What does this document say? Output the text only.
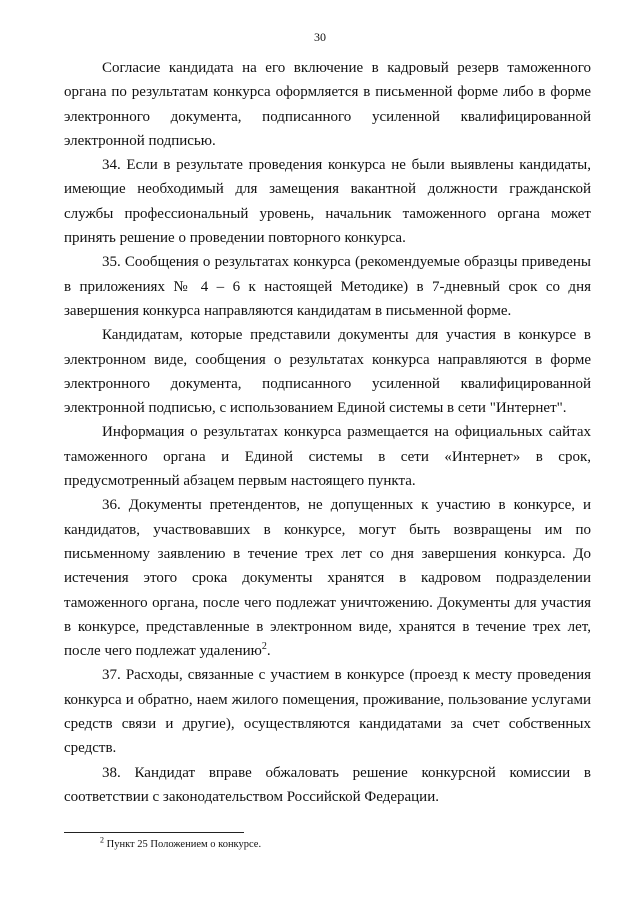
30

Согласие кандидата на его включение в кадровый резерв таможенного органа по результатам конкурса оформляется в письменной форме либо в форме электронного документа, подписанного усиленной квалифицированной электронной подписью.

34. Если в результате проведения конкурса не были выявлены кандидаты, имеющие необходимый для замещения вакантной должности гражданской службы профессиональный уровень, начальник таможенного органа может принять решение о проведении повторного конкурса.

35. Сообщения о результатах конкурса (рекомендуемые образцы приведены в приложениях № 4 – 6 к настоящей Методике) в 7-дневный срок со дня завершения конкурса направляются кандидатам в письменной форме.

Кандидатам, которые представили документы для участия в конкурсе в электронном виде, сообщения о результатах конкурса направляются в форме электронного документа, подписанного усиленной квалифицированной электронной подписью, с использованием Единой системы в сети "Интернет".

Информация о результатах конкурса размещается на официальных сайтах таможенного органа и Единой системы в сети «Интернет» в срок, предусмотренный абзацем первым настоящего пункта.

36. Документы претендентов, не допущенных к участию в конкурсе, и кандидатов, участвовавших в конкурсе, могут быть возвращены им по письменному заявлению в течение трех лет со дня завершения конкурса. До истечения этого срока документы хранятся в кадровом подразделении таможенного органа, после чего подлежат уничтожению. Документы для участия в конкурсе, представленные в электронном виде, хранятся в течение трех лет, после чего подлежат удалению$^2$.

37. Расходы, связанные с участием в конкурсе (проезд к месту проведения конкурса и обратно, наем жилого помещения, проживание, пользование услугами средств связи и другие), осуществляются кандидатами за счет собственных средств.

38. Кандидат вправе обжаловать решение конкурсной комиссии в соответствии с законодательством Российской Федерации.

$^2$ Пункт 25 Положением о конкурсе.
